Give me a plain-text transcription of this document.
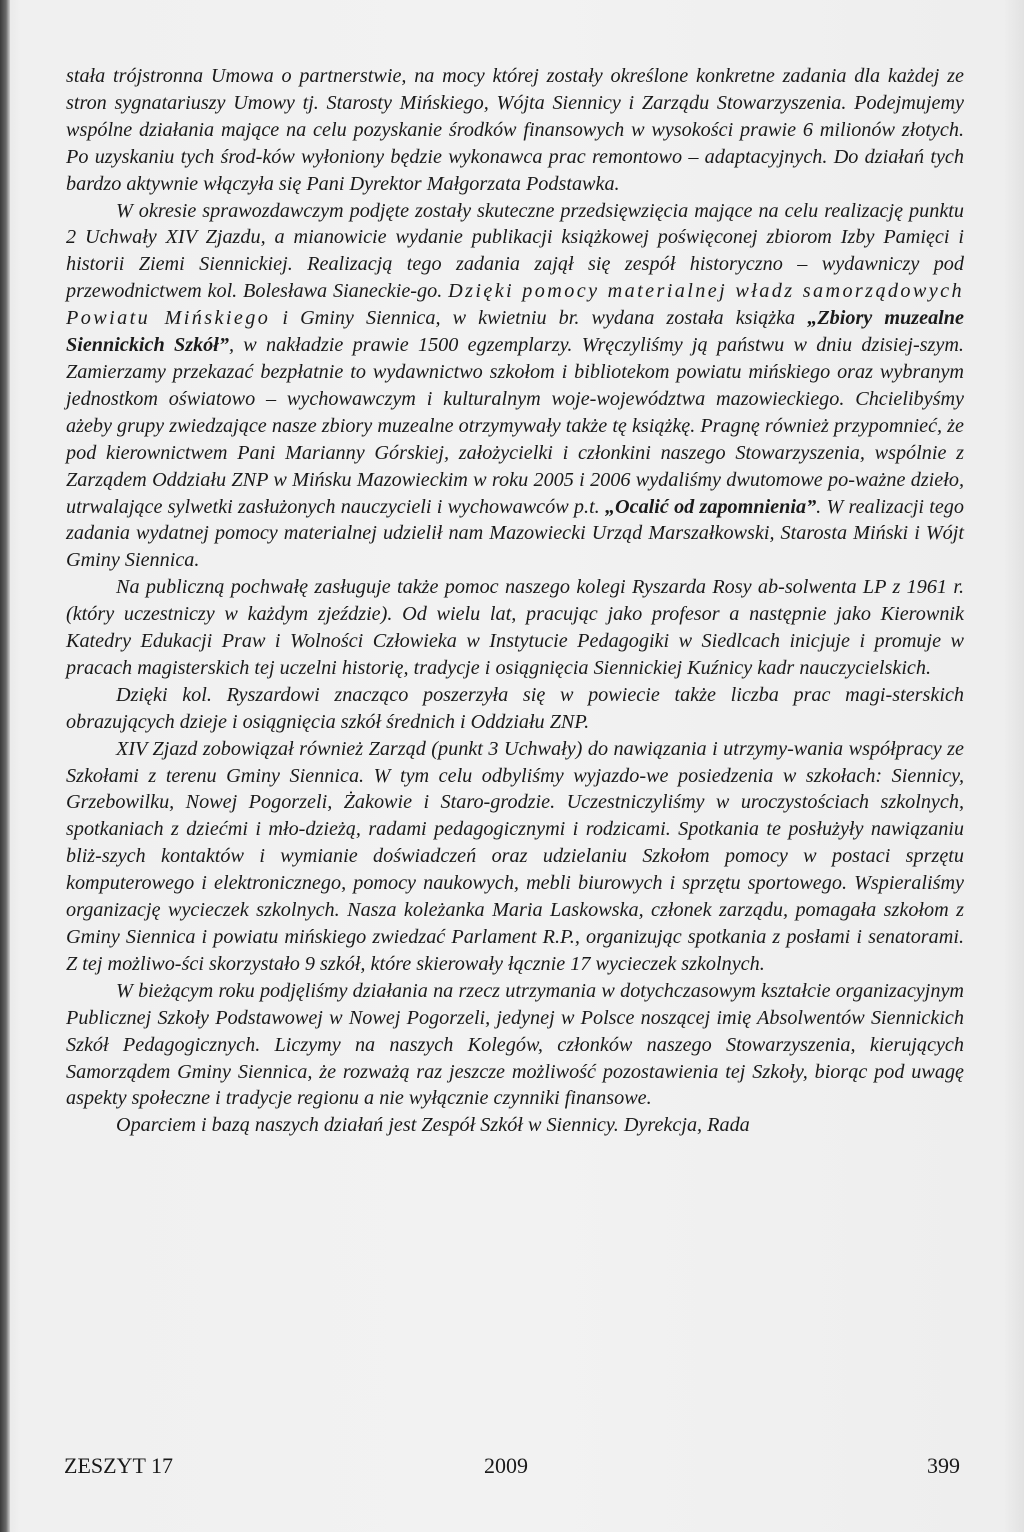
stała trójstronna Umowa o partnerstwie, na mocy której zostały określone konkretne zadania dla każdej ze stron sygnatariuszy Umowy tj. Starosty Mińskiego, Wójta Siennicy i Zarządu Stowarzyszenia. Podejmujemy wspólne działania mające na celu pozyskanie środków finansowych w wysokości prawie 6 milionów złotych. Po uzyskaniu tych środ-ków wyłoniony będzie wykonawca prac remontowo – adaptacyjnych. Do działań tych bardzo aktywnie włączyła się Pani Dyrektor Małgorzata Podstawka.

W okresie sprawozdawczym podjęte zostały skuteczne przedsięwzięcia mające na celu realizację punktu 2 Uchwały XIV Zjazdu, a mianowicie wydanie publikacji książkowej poświęconej zbiorom Izby Pamięci i historii Ziemi Siennickiej. Realizacją tego zadania zajął się zespół historyczno – wydawniczy pod przewodnictwem kol. Bolesława Sianeckie-go. Dzięki pomocy materialnej władz samorządowych Powiatu Mińskiego i Gminy Siennica, w kwietniu br. wydana została książka „Zbiory muzealne Siennickich Szkół”, w nakładzie prawie 1500 egzemplarzy. Wręczyliśmy ją państwu w dniu dzisiej-szym. Zamierzamy przekazać bezpłatnie to wydawnictwo szkołom i bibliotekom powiatu mińskiego oraz wybranym jednostkom oświatowo – wychowawczym i kulturalnym woje-województwa mazowieckiego. Chcielibyśmy ażeby grupy zwiedzające nasze zbiory muzealne otrzymywały także tę książkę. Pragnę również przypomnieć, że pod kierownictwem Pani Marianny Górskiej, założycielki i członkini naszego Stowarzyszenia, wspólnie z Zarządem Oddziału ZNP w Mińsku Mazowieckim w roku 2005 i 2006 wydaliśmy dwutomowe po-ważne dzieło, utrwalające sylwetki zasłużonych nauczycieli i wychowawców p.t. „Ocalić od zapomnienia”. W realizacji tego zadania wydatnej pomocy materialnej udzielił nam Mazowiecki Urząd Marszałkowski, Starosta Miński i Wójt Gminy Siennica.

Na publiczną pochwałę zasługuje także pomoc naszego kolegi Ryszarda Rosy ab-solwenta LP z 1961 r. (który uczestniczy w każdym zjeździe). Od wielu lat, pracując jako profesor a następnie jako Kierownik Katedry Edukacji Praw i Wolności Człowieka w Instytucie Pedagogiki w Siedlcach inicjuje i promuje w pracach magisterskich tej uczelni historię, tradycje i osiągnięcia Siennickiej Kuźnicy kadr nauczycielskich.

Dzięki kol. Ryszardowi znacząco poszerzyła się w powiecie także liczba prac magi-sterskich obrazujących dzieje i osiągnięcia szkół średnich i Oddziału ZNP.

XIV Zjazd zobowiązał również Zarząd (punkt 3 Uchwały) do nawiązania i utrzymy-wania współpracy ze Szkołami z terenu Gminy Siennica. W tym celu odbyliśmy wyjazdo-we posiedzenia w szkołach: Siennicy, Grzebowilku, Nowej Pogorzeli, Żakowie i Staro-grodzie. Uczestniczyliśmy w uroczystościach szkolnych, spotkaniach z dziećmi i mło-dzieżą, radami pedagogicznymi i rodzicami. Spotkania te posłużyły nawiązaniu bliż-szych kontaktów i wymianie doświadczeń oraz udzielaniu Szkołom pomocy w postaci sprzętu komputerowego i elektronicznego, pomocy naukowych, mebli biurowych i sprzętu sportowego. Wspieraliśmy organizację wycieczek szkolnych. Nasza koleżanka Maria Laskowska, członek zarządu, pomagała szkołom z Gminy Siennica i powiatu mińskiego zwiedzać Parlament R.P., organizując spotkania z posłami i senatorami. Z tej możliwo-ści skorzystało 9 szkół, które skierowały łącznie 17 wycieczek szkolnych.

W bieżącym roku podjęliśmy działania na rzecz utrzymania w dotychczasowym kształcie organizacyjnym Publicznej Szkoły Podstawowej w Nowej Pogorzeli, jedynej w Polsce noszącej imię Absolwentów Siennickich Szkół Pedagogicznych. Liczymy na naszych Kolegów, członków naszego Stowarzyszenia, kierujących Samorządem Gminy Siennica, że rozważą raz jeszcze możliwość pozostawienia tej Szkoły, biorąc pod uwagę aspekty społeczne i tradycje regionu a nie wyłącznie czynniki finansowe.

Oparciem i bazą naszych działań jest Zespół Szkół w Siennicy. Dyrekcja, Rada

ZESZYT 17	2009	399
